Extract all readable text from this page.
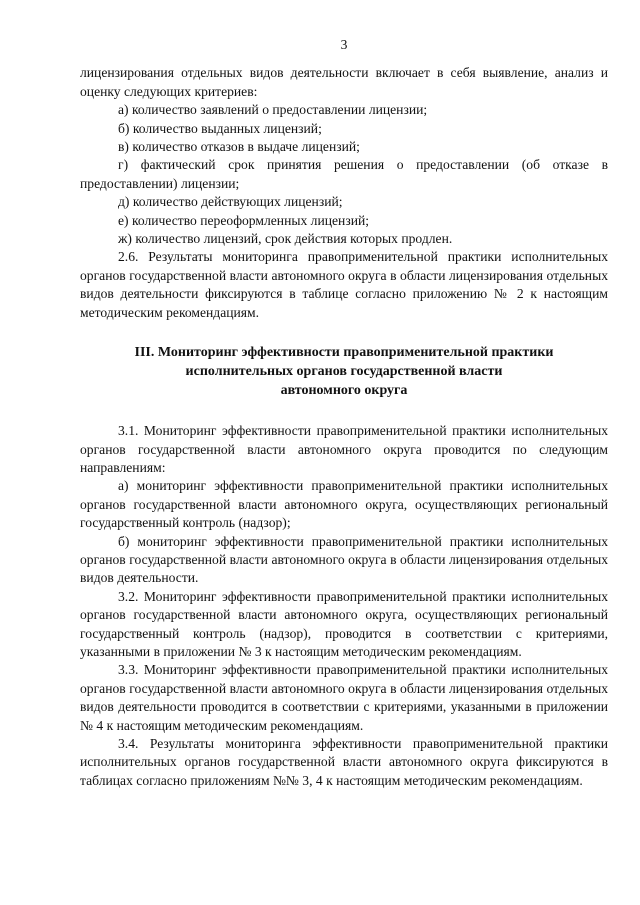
3

лицензирования отдельных видов деятельности включает в себя выявление, анализ и оценку следующих критериев:

а) количество заявлений о предоставлении лицензии;

б) количество выданных лицензий;

в) количество отказов в выдаче лицензий;

г) фактический срок принятия решения о предоставлении (об отказе в предоставлении) лицензии;

д) количество действующих лицензий;

е) количество переоформленных лицензий;

ж) количество лицензий, срок действия которых продлен.

2.6. Результаты мониторинга правоприменительной практики исполнительных органов государственной власти автономного округа в области лицензирования отдельных видов деятельности фиксируются в таблице согласно приложению № 2 к настоящим методическим рекомендациям.

III. Мониторинг эффективности правоприменительной практики
исполнительных органов государственной власти
автономного округа

3.1. Мониторинг эффективности правоприменительной практики исполнительных органов государственной власти автономного округа проводится по следующим направлениям:

а) мониторинг эффективности правоприменительной практики исполнительных органов государственной власти автономного округа, осуществляющих региональный государственный контроль (надзор);

б) мониторинг эффективности правоприменительной практики исполнительных органов государственной власти автономного округа в области лицензирования отдельных видов деятельности.

3.2. Мониторинг эффективности правоприменительной практики исполнительных органов государственной власти автономного округа, осуществляющих региональный государственный контроль (надзор), проводится в соответствии с критериями, указанными в приложении № 3 к настоящим методическим рекомендациям.

3.3. Мониторинг эффективности правоприменительной практики исполнительных органов государственной власти автономного округа в области лицензирования отдельных видов деятельности проводится в соответствии с критериями, указанными в приложении № 4 к настоящим методическим рекомендациям.

3.4. Результаты мониторинга эффективности правоприменительной практики исполнительных органов государственной власти автономного округа фиксируются в таблицах согласно приложениям №№ 3, 4 к настоящим методическим рекомендациям.
